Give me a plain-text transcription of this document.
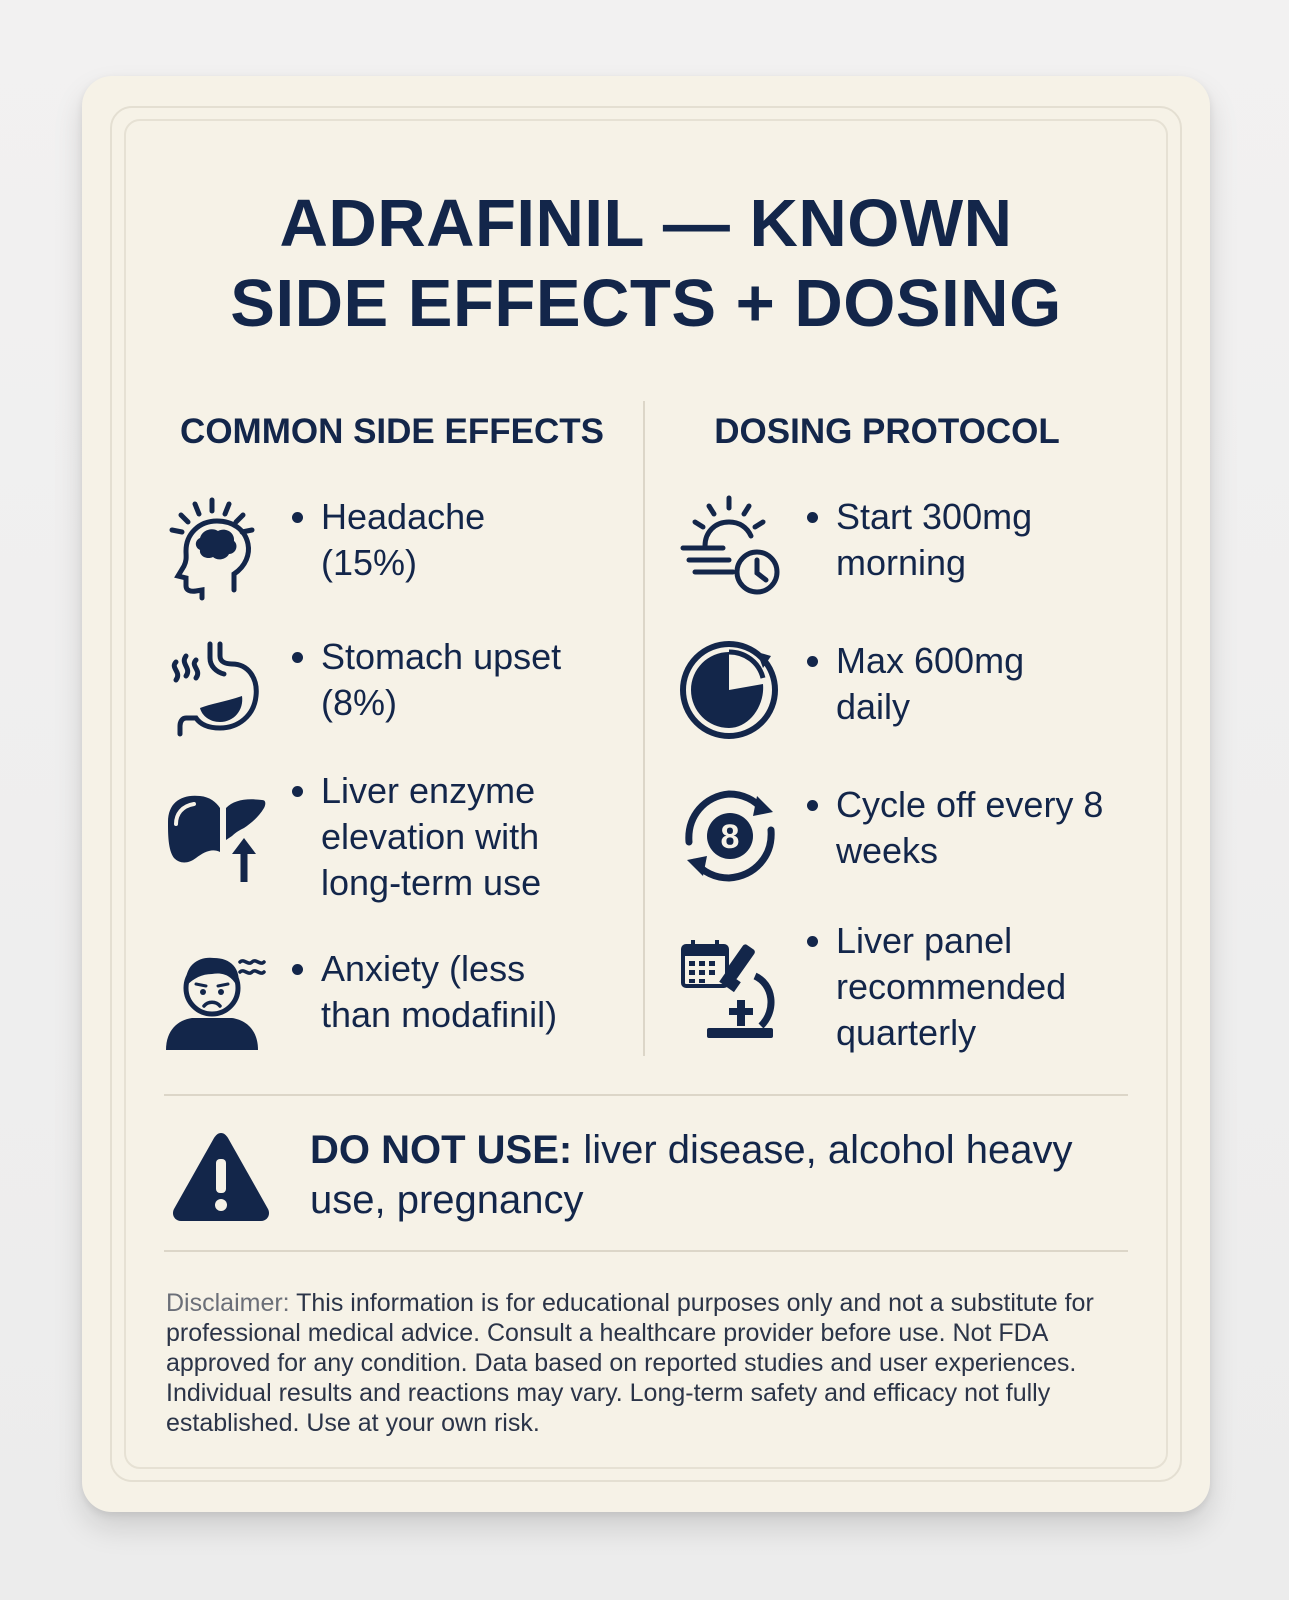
ADRAFINIL — KNOWN
SIDE EFFECTS + DOSING
COMMON SIDE EFFECTS	DOSING PROTOCOL
Headache (15%)
Stomach upset (8%)
Liver enzyme elevation with long-term use
Anxiety (less than modafinil)
Start 300mg morning
Max 600mg daily
8
Cycle off every 8 weeks
Liver panel recommended quarterly
DO NOT USE: liver disease, alcohol heavy use, pregnancy
Disclaimer: This information is for educational purposes only and not a substitute for professional medical advice. Consult a healthcare provider before use. Not FDA approved for any condition. Data based on reported studies and user experiences. Individual results and reactions may vary. Long-term safety and efficacy not fully established. Use at your own risk.
